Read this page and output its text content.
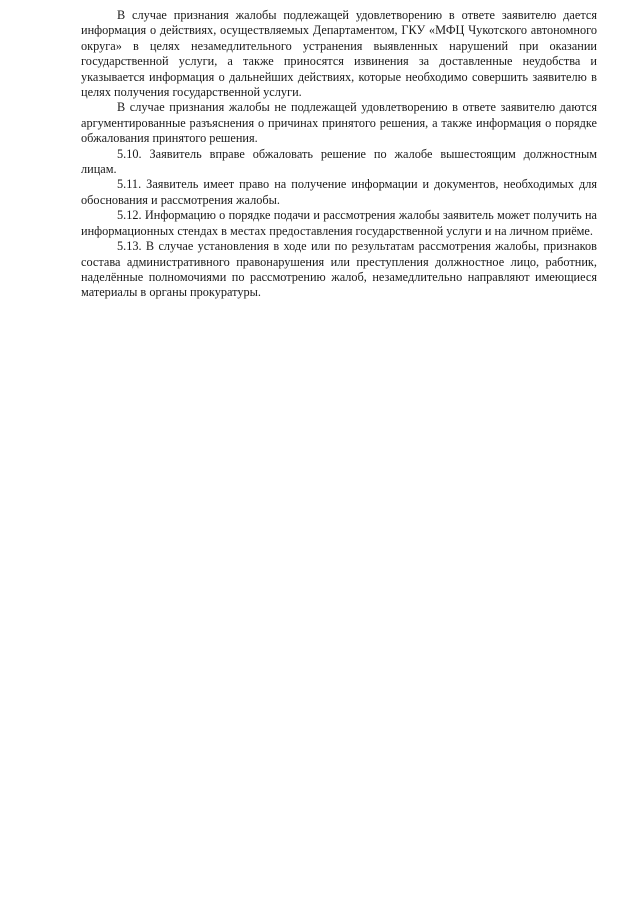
В случае признания жалобы подлежащей удовлетворению в ответе заявителю дается информация о действиях, осуществляемых Департаментом, ГКУ «МФЦ Чукотского автономного округа» в целях незамедлительного устранения выявленных нарушений при оказании государственной услуги, а также приносятся извинения за доставленные неудобства и указывается информация о дальнейших действиях, которые необходимо совершить заявителю в целях получения государственной услуги.

В случае признания жалобы не подлежащей удовлетворению в ответе заявителю даются аргументированные разъяснения о причинах принятого решения, а также информация о порядке обжалования принятого решения.

5.10. Заявитель вправе обжаловать решение по жалобе вышестоящим должностным лицам.

5.11. Заявитель имеет право на получение информации и документов, необходимых для обоснования и рассмотрения жалобы.

5.12. Информацию о порядке подачи и рассмотрения жалобы заявитель может получить на информационных стендах в местах предоставления государственной услуги и на личном приёме.

5.13. В случае установления в ходе или по результатам рассмотрения жалобы, признаков состава административного правонарушения или преступления должностное лицо, работник, наделённые полномочиями по рассмотрению жалоб, незамедлительно направляют имеющиеся материалы в органы прокуратуры.
